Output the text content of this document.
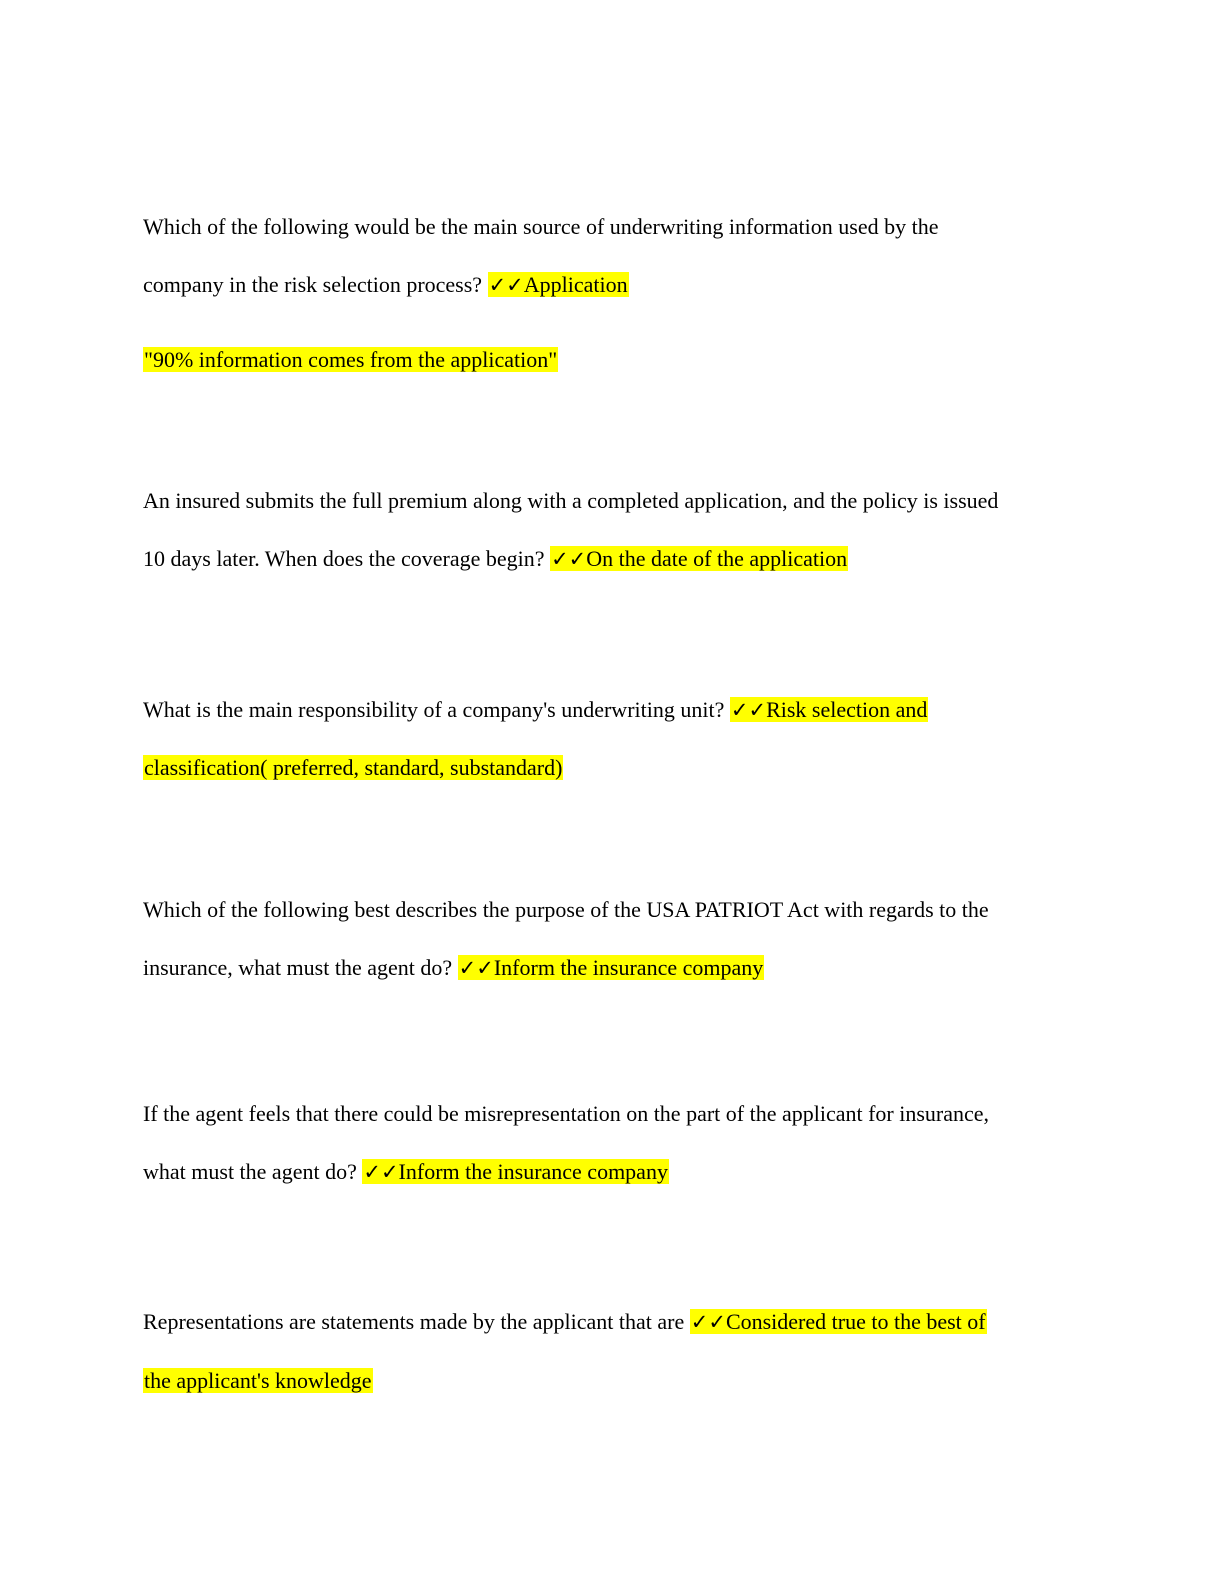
Which of the following would be the main source of underwriting information used by the
company in the risk selection process? ✓✓Application
"90% information comes from the application"
An insured submits the full premium along with a completed application, and the policy is issued
10 days later. When does the coverage begin? ✓✓On the date of the application
What is the main responsibility of a company's underwriting unit? ✓✓Risk selection and
classification( preferred, standard, substandard)
Which of the following best describes the purpose of the USA PATRIOT Act with regards to the
insurance, what must the agent do? ✓✓Inform the insurance company
If the agent feels that there could be misrepresentation on the part of the applicant for insurance,
what must the agent do? ✓✓Inform the insurance company
Representations are statements made by the applicant that are ✓✓Considered true to the best of
the applicant's knowledge
